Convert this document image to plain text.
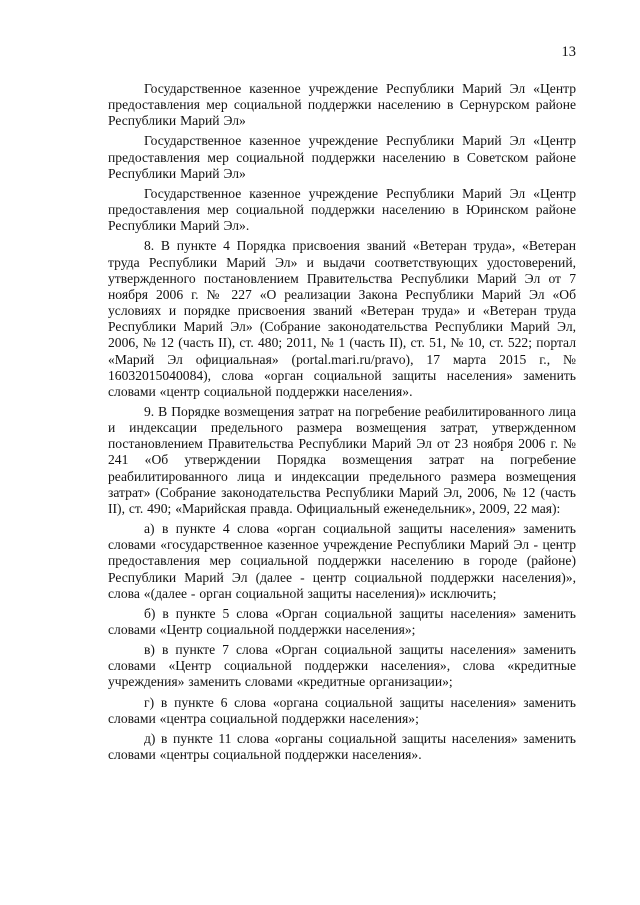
13

Государственное казенное учреждение Республики Марий Эл «Центр предоставления мер социальной поддержки населению в Сернурском районе Республики Марий Эл»

Государственное казенное учреждение Республики Марий Эл «Центр предоставления мер социальной поддержки населению в Советском районе Республики Марий Эл»

Государственное казенное учреждение Республики Марий Эл «Центр предоставления мер социальной поддержки населению в Юринском районе Республики Марий Эл».

8. В пункте 4 Порядка присвоения званий «Ветеран труда», «Ветеран труда Республики Марий Эл» и выдачи соответствующих удостоверений, утвержденного постановлением Правительства Республики Марий Эл от 7 ноября 2006 г. № 227 «О реализации Закона Республики Марий Эл «Об условиях и порядке присвоения званий «Ветеран труда» и «Ветеран труда Республики Марий Эл» (Собрание законодательства Республики Марий Эл, 2006, № 12 (часть II), ст. 480; 2011, № 1 (часть II), ст. 51, № 10, ст. 522; портал «Марий Эл официальная» (portal.mari.ru/pravo), 17 марта 2015 г., № 16032015040084), слова «орган социальной защиты населения» заменить словами «центр социальной поддержки населения».

9. В Порядке возмещения затрат на погребение реабилитированного лица и индексации предельного размера возмещения затрат, утвержденном постановлением Правительства Республики Марий Эл от 23 ноября 2006 г. № 241 «Об утверждении Порядка возмещения затрат на погребение реабилитированного лица и индексации предельного размера возмещения затрат» (Собрание законодательства Республики Марий Эл, 2006, № 12 (часть II), ст. 490; «Марийская правда. Официальный еженедельник», 2009, 22 мая):

а) в пункте 4 слова «орган социальной защиты населения» заменить словами «государственное казенное учреждение Республики Марий Эл - центр предоставления мер социальной поддержки населению в городе (районе) Республики Марий Эл (далее - центр социальной поддержки населения)», слова «(далее - орган социальной защиты населения)» исключить;

б) в пункте 5 слова «Орган социальной защиты населения» заменить словами «Центр социальной поддержки населения»;

в) в пункте 7 слова «Орган социальной защиты населения» заменить словами «Центр социальной поддержки населения», слова «кредитные учреждения» заменить словами «кредитные организации»;

г) в пункте 6 слова «органа социальной защиты населения» заменить словами «центра социальной поддержки населения»;

д) в пункте 11 слова «органы социальной защиты населения» заменить словами «центры социальной поддержки населения».
